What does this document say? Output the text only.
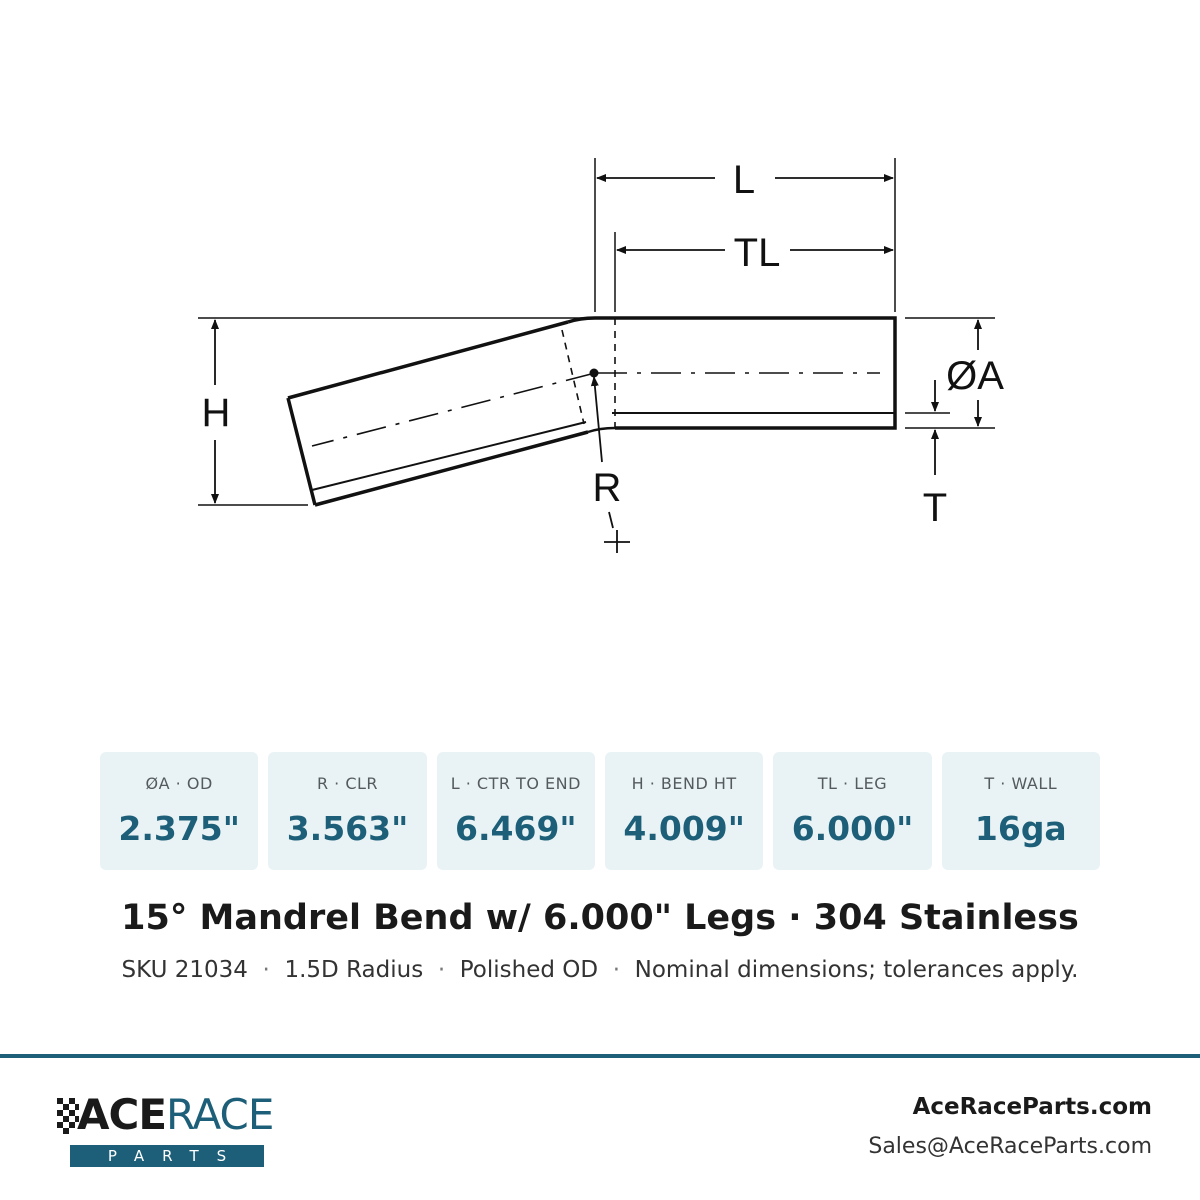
L
TL
H
ØA
R	T
ØA · OD
2.375"
R · CLR
3.563"
L · CTR TO END
6.469"
H · BEND HT
4.009"
TL · LEG
6.000"
T · WALL
16ga
15° Mandrel Bend w/ 6.000" Legs · 304 Stainless
SKU 21034 · 1.5D Radius · Polished OD · Nominal dimensions; tolerances apply.
ACERACE
PARTS
AceRaceParts.com
Sales@AceRaceParts.com
